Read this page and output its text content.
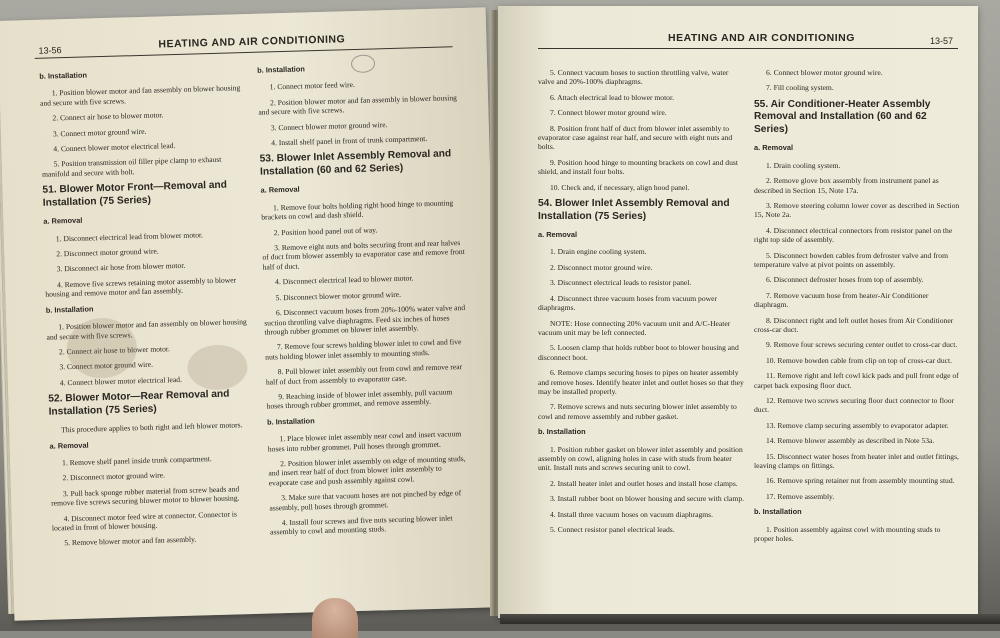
HEATING AND AIR CONDITIONING
13-56

b. Installation

1. Position blower motor and fan assembly on blower housing and secure with five screws.

2. Connect air hose to blower motor.

3. Connect motor ground wire.

4. Connect blower motor electrical lead.

5. Position transmission oil filler pipe clamp to exhaust manifold and secure with bolt.

51. Blower Motor Front—Removal and Installation (75 Series)

a. Removal

1. Disconnect electrical lead from blower motor.

2. Disconnect motor ground wire.

3. Disconnect air hose from blower motor.

4. Remove five screws retaining motor assembly to blower housing and remove motor and fan assembly.

b. Installation

1. Position blower motor and fan assembly on blower housing and secure with five screws.

2. Connect air hose to blower motor.

3. Connect motor ground wire.

4. Connect blower motor electrical lead.

52. Blower Motor—Rear Removal and Installation (75 Series)

This procedure applies to both right and left blower motors.

a. Removal

1. Remove shelf panel inside trunk compartment.

2. Disconnect motor ground wire.

3. Pull back sponge rubber material from screw heads and remove five screws securing blower motor to blower housing.

4. Disconnect motor feed wire at connector. Connector is located in front of blower housing.

5. Remove blower motor and fan assembly.

b. Installation

1. Connect motor feed wire.

2. Position blower motor and fan assembly in blower housing and secure with five screws.

3. Connect blower motor ground wire.

4. Install shelf panel in front of trunk compartment.

53. Blower Inlet Assembly Removal and Installation (60 and 62 Series)

a. Removal

1. Remove four bolts holding right hood hinge to mounting brackets on cowl and dash shield.

2. Position hood panel out of way.

3. Remove eight nuts and bolts securing front and rear halves of duct from blower assembly to evaporator case and remove front half of duct.

4. Disconnect electrical lead to blower motor.

5. Disconnect blower motor ground wire.

6. Disconnect vacuum hoses from 20%-100% water valve and suction throttling valve diaphragms. Feed six inches of hoses through rubber grommet on blower inlet assembly.

7. Remove four screws holding blower inlet to cowl and five nuts holding blower inlet assembly to mounting studs.

8. Pull blower inlet assembly out from cowl and remove rear half of duct from assembly to evaporator case.

9. Reaching inside of blower inlet assembly, pull vacuum hoses through rubber grommet, and remove assembly.

b. Installation

1. Place blower inlet assembly near cowl and insert vacuum hoses into rubber grommet. Pull hoses through grommet.

2. Position blower inlet assembly on edge of mounting studs, and insert rear half of duct from blower inlet assembly to evaporate case and push assembly against cowl.

3. Make sure that vacuum hoses are not pinched by edge of assembly, pull hoses through grommet.

4. Install four screws and five nuts securing blower inlet assembly to cowl and mounting studs.

HEATING AND AIR CONDITIONING	13-57

5. Connect vacuum hoses to suction throttling valve, water valve and 20%-100% diaphragms.

6. Attach electrical lead to blower motor.

7. Connect blower motor ground wire.

8. Position front half of duct from blower inlet assembly to evaporator case against rear half, and secure with eight nuts and bolts.

9. Position hood hinge to mounting brackets on cowl and dust shield, and install four bolts.

10. Check and, if necessary, align hood panel.

54. Blower Inlet Assembly Removal and Installation (75 Series)

a. Removal

1. Drain engine cooling system.

2. Disconnect motor ground wire.

3. Disconnect electrical leads to resistor panel.

4. Disconnect three vacuum hoses from vacuum power diaphragms.

NOTE: Hose connecting 20% vacuum unit and A/C-Heater vacuum unit may be left connected.

5. Loosen clamp that holds rubber boot to blower housing and disconnect boot.

6. Remove clamps securing hoses to pipes on heater assembly and remove hoses. Identify heater inlet and outlet hoses so that they may be installed properly.

7. Remove screws and nuts securing blower inlet assembly to cowl and remove assembly and rubber gasket.

b. Installation

1. Position rubber gasket on blower inlet assembly and position assembly on cowl, aligning holes in case with studs from heater unit. Install nuts and screws securing unit to cowl.

2. Install heater inlet and outlet hoses and install hose clamps.

3. Install rubber boot on blower housing and secure with clamp.

4. Install three vacuum hoses on vacuum diaphragms.

5. Connect resistor panel electrical leads.

6. Connect blower motor ground wire.

7. Fill cooling system.

55. Air Conditioner-Heater Assembly Removal and Installation (60 and 62 Series)

a. Removal

1. Drain cooling system.

2. Remove glove box assembly from instrument panel as described in Section 15, Note 17a.

3. Remove steering column lower cover as described in Section 15, Note 2a.

4. Disconnect electrical connectors from resistor panel on the right top side of assembly.

5. Disconnect bowden cables from defroster valve and from temperature valve at pivot points on assembly.

6. Disconnect defroster hoses from top of assembly.

7. Remove vacuum hose from heater-Air Conditioner diaphragm.

8. Disconnect right and left outlet hoses from Air Conditioner cross-car duct.

9. Remove four screws securing center outlet to cross-car duct.

10. Remove bowden cable from clip on top of cross-car duct.

11. Remove right and left cowl kick pads and pull front edge of carpet back exposing floor duct.

12. Remove two screws securing floor duct connector to floor duct.

13. Remove clamp securing assembly to evaporator adapter.

14. Remove blower assembly as described in Note 53a.

15. Disconnect water hoses from heater inlet and outlet fittings, leaving clamps on fittings.

16. Remove spring retainer nut from assembly mounting stud.

17. Remove assembly.

b. Installation

1. Position assembly against cowl with mounting studs to proper holes.
